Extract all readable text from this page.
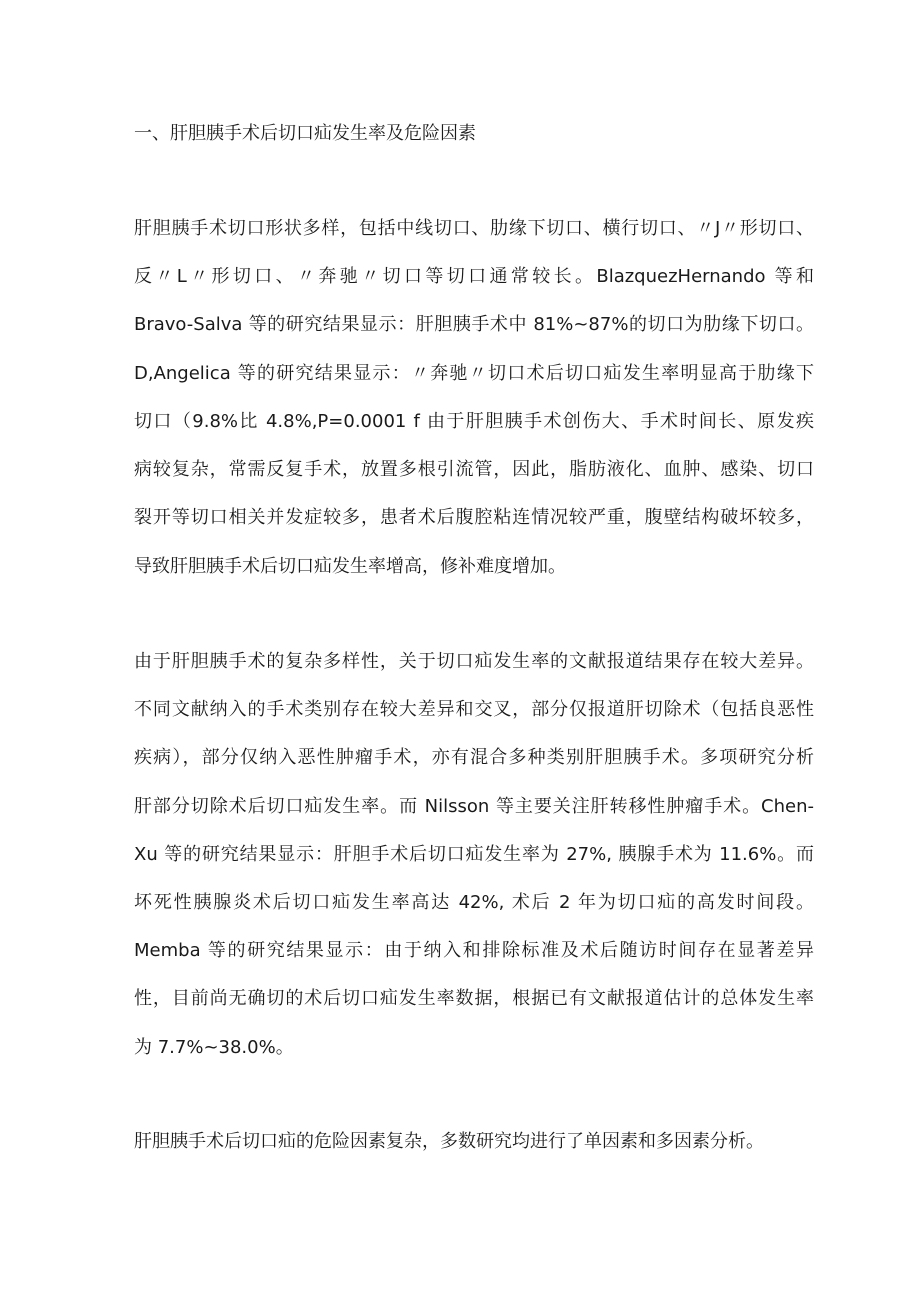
一、肝胆胰手术后切口疝发生率及危险因素
肝胆胰手术切口形状多样，包括中线切口、肋缘下切口、横行切口、〃J〃形切口、
反〃L〃形切口、〃奔驰〃切口等切口通常较长。BlazquezHernando 等和
Bravo-Salva 等的研究结果显示：肝胆胰手术中 81%~87%的切口为肋缘下切口。
D,Angelica 等的研究结果显示：〃奔驰〃切口术后切口疝发生率明显高于肋缘下
切口（9.8%比 4.8%,P=0.0001 f 由于肝胆胰手术创伤大、手术时间长、原发疾
病较复杂，常需反复手术，放置多根引流管，因此，脂肪液化、血肿、感染、切口
裂开等切口相关并发症较多，患者术后腹腔粘连情况较严重，腹壁结构破坏较多，
导致肝胆胰手术后切口疝发生率增高，修补难度增加。
由于肝胆胰手术的复杂多样性，关于切口疝发生率的文献报道结果存在较大差异。
不同文献纳入的手术类别存在较大差异和交叉，部分仅报道肝切除术（包括良恶性
疾病），部分仅纳入恶性肿瘤手术，亦有混合多种类别肝胆胰手术。多项研究分析
肝部分切除术后切口疝发生率。而 Nilsson 等主要关注肝转移性肿瘤手术。Chen-
Xu 等的研究结果显示：肝胆手术后切口疝发生率为 27%, 胰腺手术为 11.6%。而
坏死性胰腺炎术后切口疝发生率高达 42%, 术后 2 年为切口疝的高发时间段。
Memba 等的研究结果显示：由于纳入和排除标准及术后随访时间存在显著差异
性，目前尚无确切的术后切口疝发生率数据，根据已有文献报道估计的总体发生率
为 7.7%~38.0%。
肝胆胰手术后切口疝的危险因素复杂，多数研究均进行了单因素和多因素分析。
